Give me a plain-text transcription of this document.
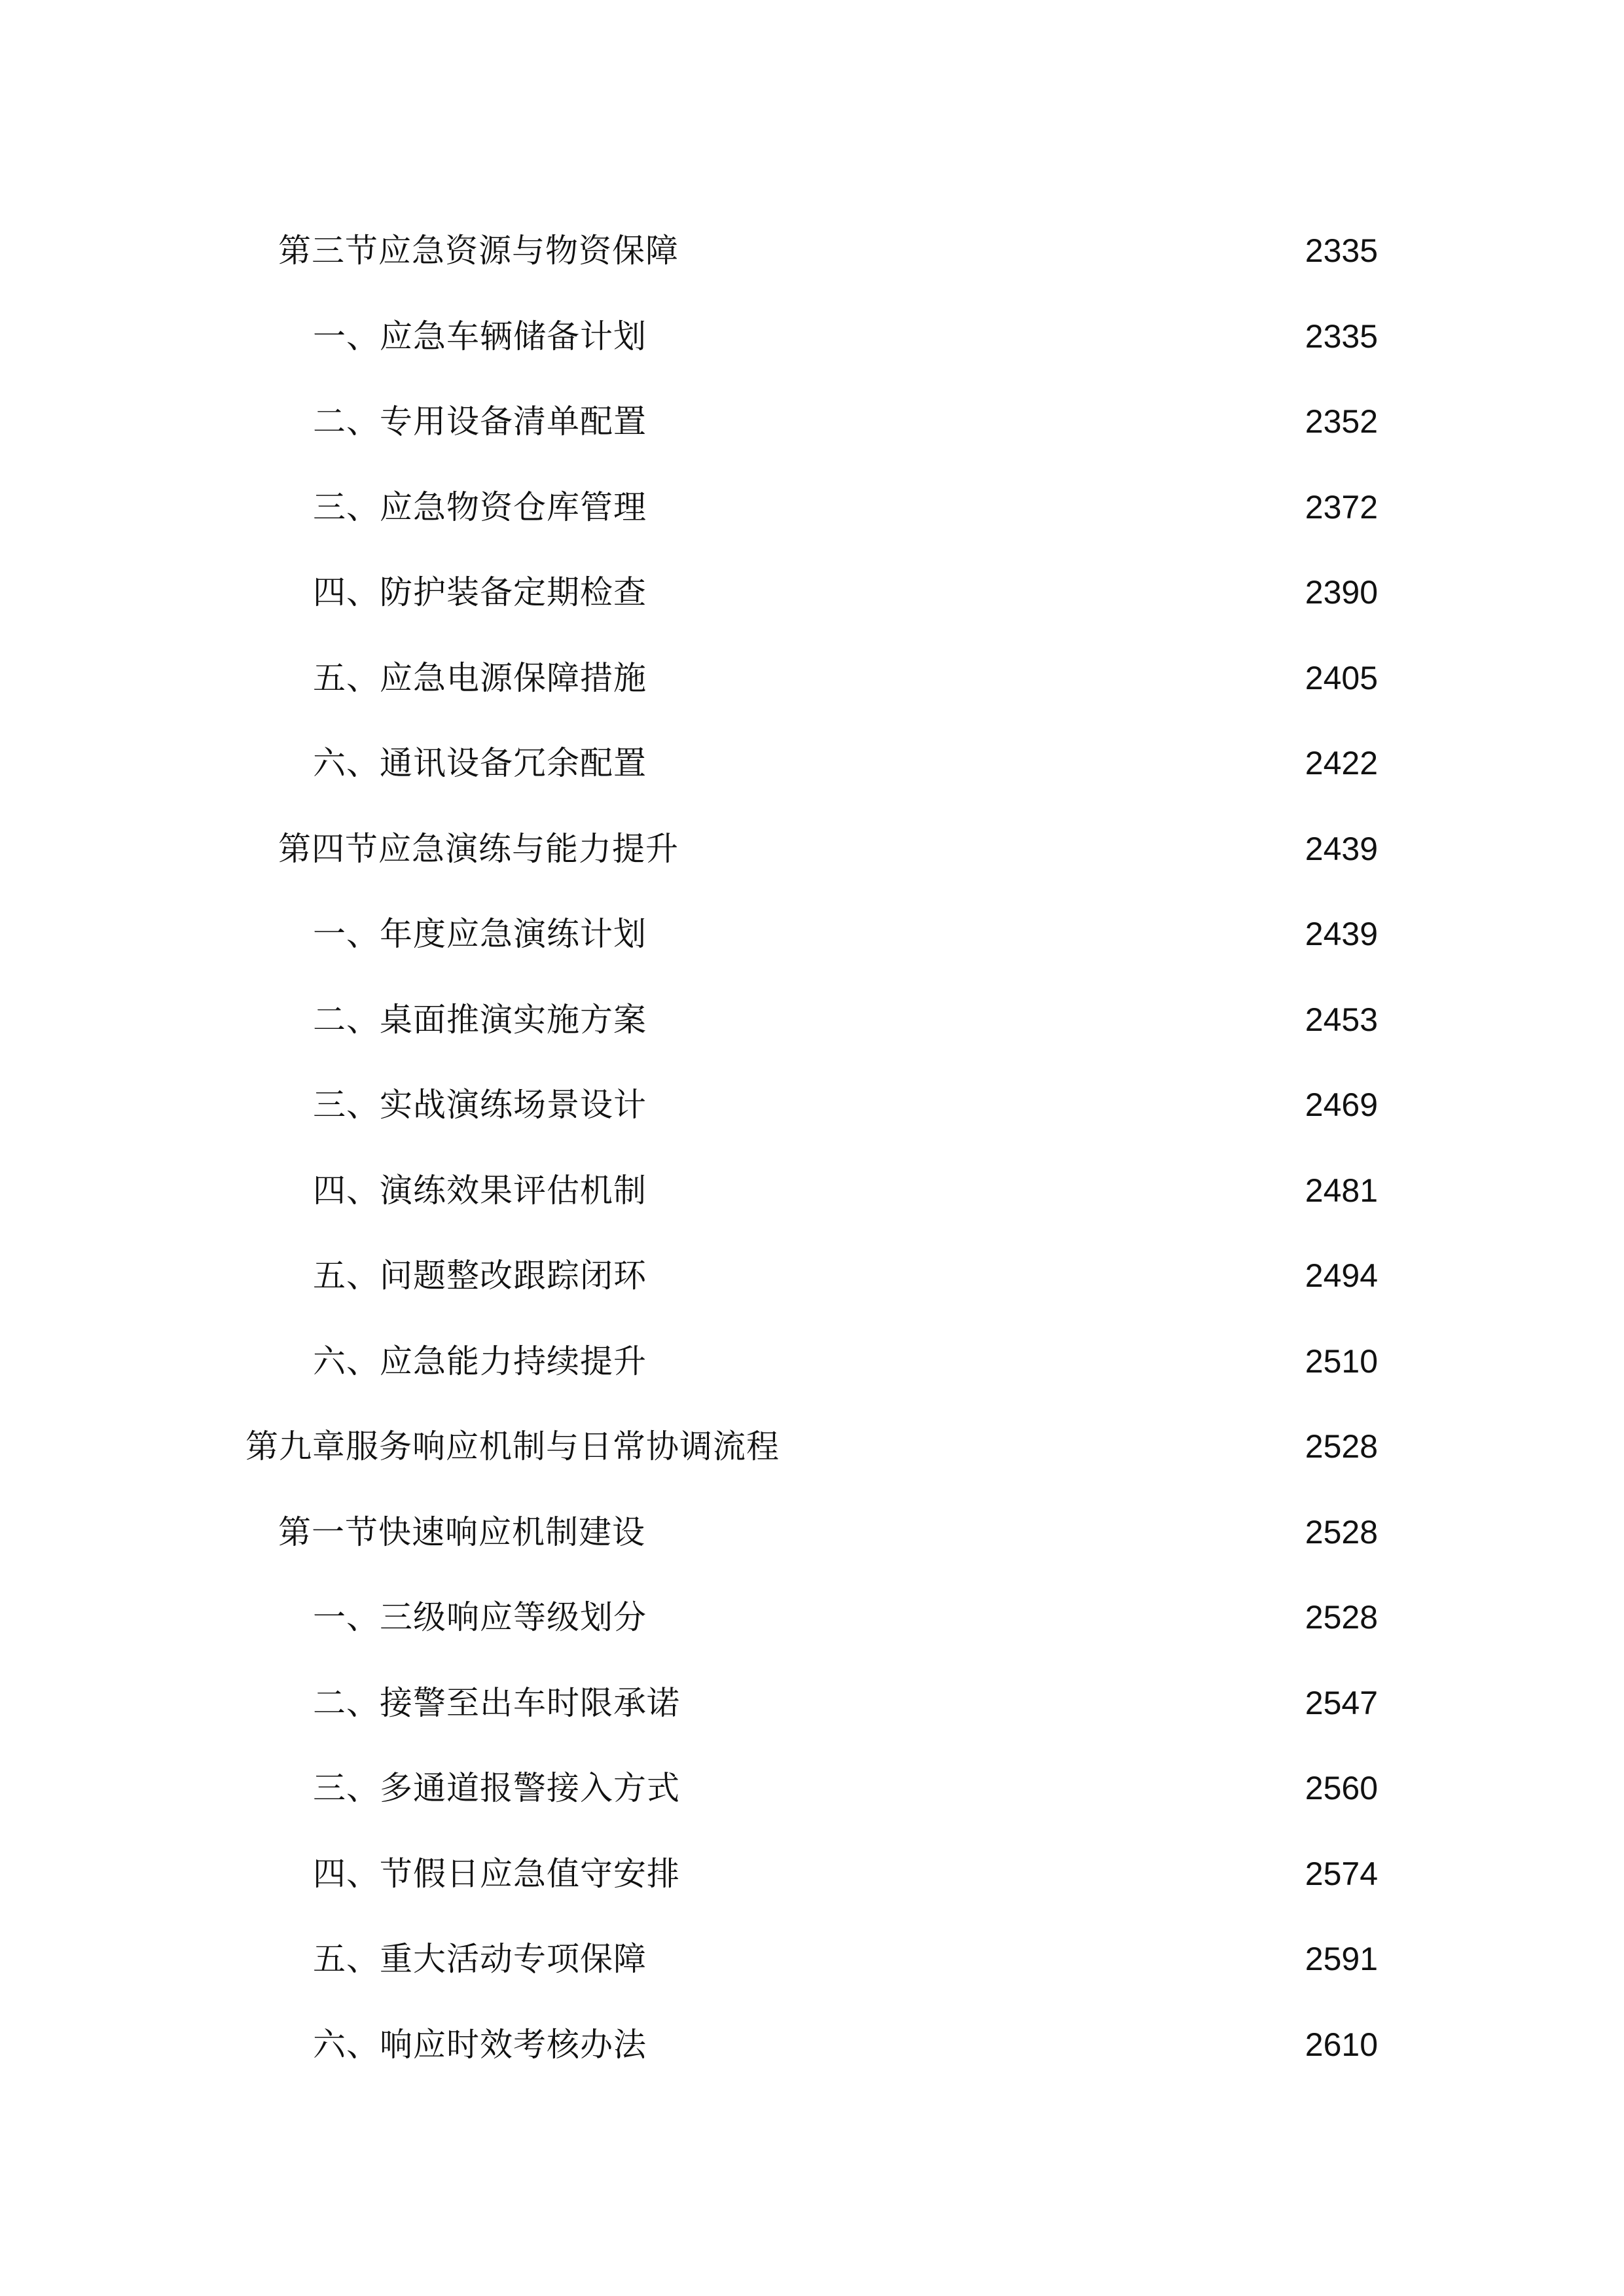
第三节应急资源与物资保障	2335
一、应急车辆储备计划	2335
二、专用设备清单配置	2352
三、应急物资仓库管理	2372
四、防护装备定期检查	2390
五、应急电源保障措施	2405
六、通讯设备冗余配置	2422
第四节应急演练与能力提升	2439
一、年度应急演练计划	2439
二、桌面推演实施方案	2453
三、实战演练场景设计	2469
四、演练效果评估机制	2481
五、问题整改跟踪闭环	2494
六、应急能力持续提升	2510
第九章服务响应机制与日常协调流程	2528
第一节快速响应机制建设	2528
一、三级响应等级划分	2528
二、接警至出车时限承诺	2547
三、多通道报警接入方式	2560
四、节假日应急值守安排	2574
五、重大活动专项保障	2591
六、响应时效考核办法	2610
